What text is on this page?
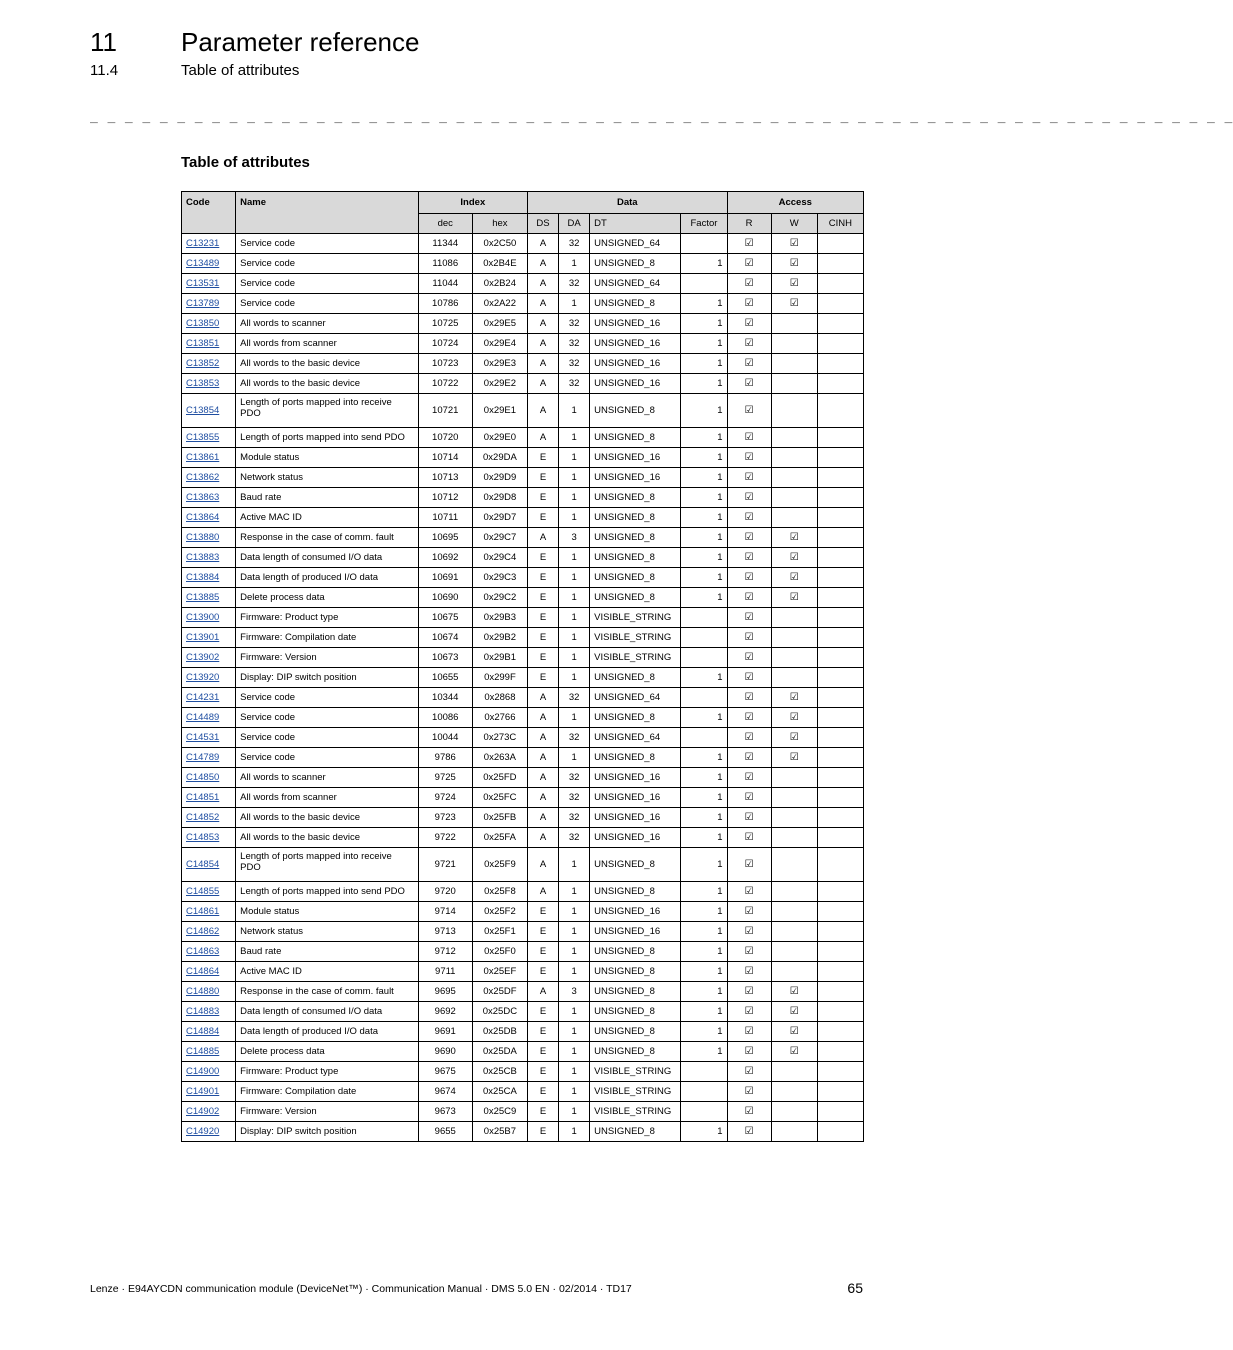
11 Parameter reference
11.4	Table of attributes
_ _ _ _ _ _ _ _ _ _ _ _ _ _ _ _ _ _ _ _ _ _ _ _ _ _ _ _ _ _ _ _ _ _ _ _ _ _ _ _ _ _ _ _ _ _ _ _ _ _ _ _ _ _ _ _ _ _ _ _ _ _ _ _ _ _
Table of attributes
Code	Name	Index		Data				Access		
		dec	hex	DS	DA	DT	Factor	R	W	CINH
C13231	Service code	11344	0x2C50	A	32	UNSIGNED_64		☑	☑	
C13489	Service code	11086	0x2B4E	A	1	UNSIGNED_8	1	☑	☑	
C13531	Service code	11044	0x2B24	A	32	UNSIGNED_64		☑	☑	
C13789	Service code	10786	0x2A22	A	1	UNSIGNED_8	1	☑	☑	
C13850	All words to scanner	10725	0x29E5	A	32	UNSIGNED_16	1	☑		
C13851	All words from scanner	10724	0x29E4	A	32	UNSIGNED_16	1	☑		
C13852	All words to the basic device	10723	0x29E3	A	32	UNSIGNED_16	1	☑		
C13853	All words to the basic device	10722	0x29E2	A	32	UNSIGNED_16	1	☑		
C13854	Length of ports mapped into receive PDO	10721	0x29E1	A	1	UNSIGNED_8	1	☑		
C13855	Length of ports mapped into send PDO	10720	0x29E0	A	1	UNSIGNED_8	1	☑		
C13861	Module status	10714	0x29DA	E	1	UNSIGNED_16	1	☑		
C13862	Network status	10713	0x29D9	E	1	UNSIGNED_16	1	☑		
C13863	Baud rate	10712	0x29D8	E	1	UNSIGNED_8	1	☑		
C13864	Active MAC ID	10711	0x29D7	E	1	UNSIGNED_8	1	☑		
C13880	Response in the case of comm. fault	10695	0x29C7	A	3	UNSIGNED_8	1	☑	☑	
C13883	Data length of consumed I/O data	10692	0x29C4	E	1	UNSIGNED_8	1	☑	☑	
C13884	Data length of produced I/O data	10691	0x29C3	E	1	UNSIGNED_8	1	☑	☑	
C13885	Delete process data	10690	0x29C2	E	1	UNSIGNED_8	1	☑	☑	
C13900	Firmware: Product type	10675	0x29B3	E	1	VISIBLE_STRING		☑		
C13901	Firmware: Compilation date	10674	0x29B2	E	1	VISIBLE_STRING		☑		
C13902	Firmware: Version	10673	0x29B1	E	1	VISIBLE_STRING		☑		
C13920	Display: DIP switch position	10655	0x299F	E	1	UNSIGNED_8	1	☑		
C14231	Service code	10344	0x2868	A	32	UNSIGNED_64		☑	☑	
C14489	Service code	10086	0x2766	A	1	UNSIGNED_8	1	☑	☑	
C14531	Service code	10044	0x273C	A	32	UNSIGNED_64		☑	☑	
C14789	Service code	9786	0x263A	A	1	UNSIGNED_8	1	☑	☑	
C14850	All words to scanner	9725	0x25FD	A	32	UNSIGNED_16	1	☑		
C14851	All words from scanner	9724	0x25FC	A	32	UNSIGNED_16	1	☑		
C14852	All words to the basic device	9723	0x25FB	A	32	UNSIGNED_16	1	☑		
C14853	All words to the basic device	9722	0x25FA	A	32	UNSIGNED_16	1	☑		
C14854	Length of ports mapped into receive PDO	9721	0x25F9	A	1	UNSIGNED_8	1	☑		
C14855	Length of ports mapped into send PDO	9720	0x25F8	A	1	UNSIGNED_8	1	☑		
C14861	Module status	9714	0x25F2	E	1	UNSIGNED_16	1	☑		
C14862	Network status	9713	0x25F1	E	1	UNSIGNED_16	1	☑		
C14863	Baud rate	9712	0x25F0	E	1	UNSIGNED_8	1	☑		
C14864	Active MAC ID	9711	0x25EF	E	1	UNSIGNED_8	1	☑		
C14880	Response in the case of comm. fault	9695	0x25DF	A	3	UNSIGNED_8	1	☑	☑	
C14883	Data length of consumed I/O data	9692	0x25DC	E	1	UNSIGNED_8	1	☑	☑	
C14884	Data length of produced I/O data	9691	0x25DB	E	1	UNSIGNED_8	1	☑	☑	
C14885	Delete process data	9690	0x25DA	E	1	UNSIGNED_8	1	☑	☑	
C14900	Firmware: Product type	9675	0x25CB	E	1	VISIBLE_STRING		☑		
C14901	Firmware: Compilation date	9674	0x25CA	E	1	VISIBLE_STRING		☑		
C14902	Firmware: Version	9673	0x25C9	E	1	VISIBLE_STRING		☑		
C14920	Display: DIP switch position	9655	0x25B7	E	1	UNSIGNED_8	1	☑		
Lenze · E94AYCDN communication module (DeviceNet™) · Communication Manual · DMS 5.0 EN · 02/2014 · TD17	65
